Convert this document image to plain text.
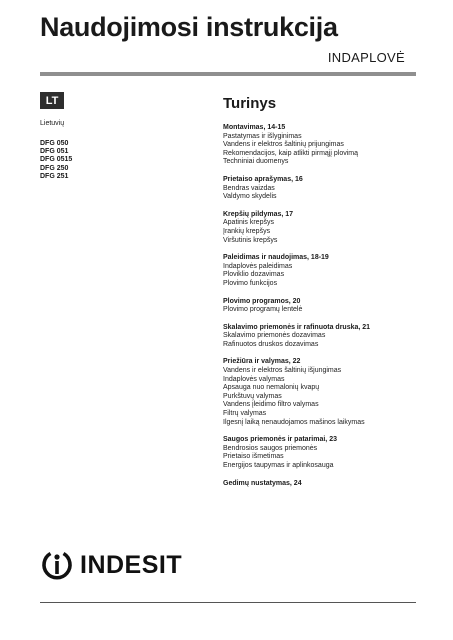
Naudojimosi instrukcija
INDAPLOVĖ
LT
Lietuvių
DFG 050
DFG 051
DFG 0515
DFG 250
DFG 251
Turinys
Montavimas, 14-15
Pastatymas ir išlyginimas
Vandens ir elektros šaltinių prijungimas
Rekomendacijos, kaip atlikti pirmąjį plovimą
Techniniai duomenys
Prietaiso aprašymas, 16
Bendras vaizdas
Valdymo skydelis
Krepšių pildymas, 17
Apatinis krepšys
Įrankių krepšys
Viršutinis krepšys
Paleidimas ir naudojimas, 18-19
Indaplovės paleidimas
Ploviklio dozavimas
Plovimo funkcijos
Plovimo programos, 20
Plovimo programų lentelė
Skalavimo priemonės ir rafinuota druska, 21
Skalavimo priemonės dozavimas
Rafinuotos druskos dozavimas
Priežiūra ir valymas, 22
Vandens ir elektros šaltinių išjungimas
Indaplovės valymas
Apsauga nuo nemalonių kvapų
Purkštuvų valymas
Vandens įleidimo filtro valymas
Filtrų valymas
Ilgesnį laiką nenaudojamos mašinos laikymas
Saugos priemonės ir patarimai, 23
Bendrosios saugos priemonės
Prietaiso išmetimas
Energijos taupymas ir aplinkosauga
Gedimų nustatymas, 24
INDESIT
